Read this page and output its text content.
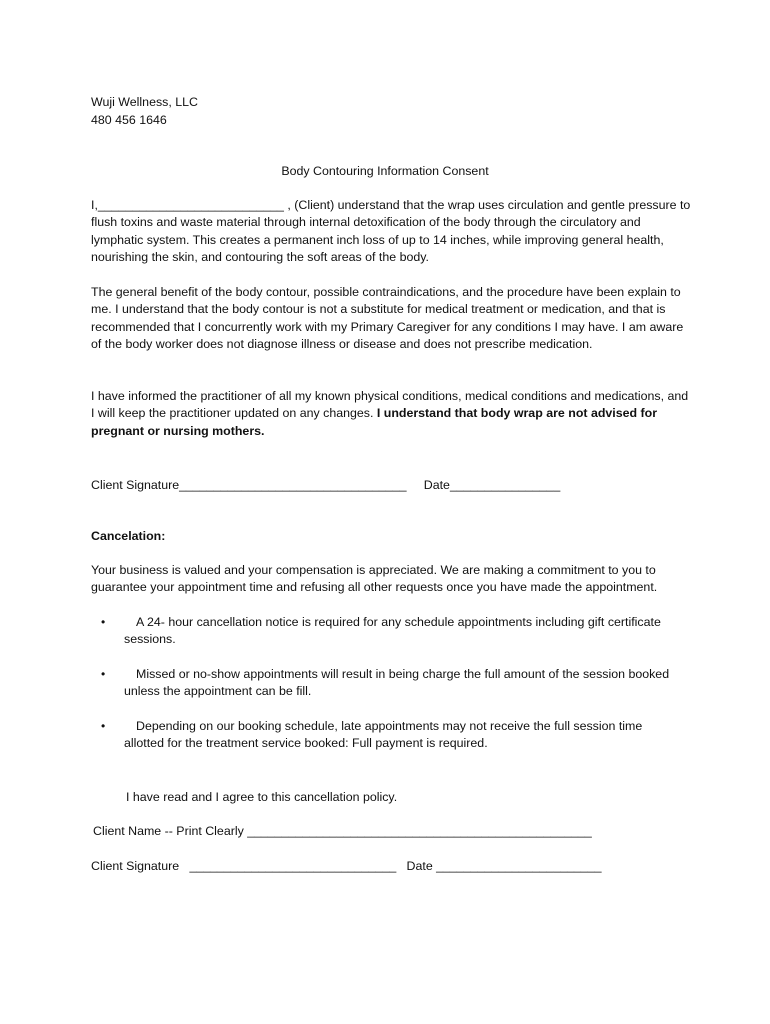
Wuji Wellness, LLC
480 456 1646
Body Contouring Information Consent

I,___________________________ , (Client) understand that the wrap uses circulation and gentle pressure to flush toxins and waste material through internal detoxification of the body through the circulatory and lymphatic system. This creates a permanent inch loss of up to 14 inches, while improving general health, nourishing the skin, and contouring the soft areas of the body.

The general benefit of the body contour, possible contraindications, and the procedure have been explain to me. I understand that the body contour is not a substitute for medical treatment or medication, and that is recommended that I concurrently work with my Primary Caregiver for any conditions I may have. I am aware of the body worker does not diagnose illness or disease and does not prescribe medication.

I have informed the practitioner of all my known physical conditions, medical conditions and medications, and I will keep the practitioner updated on any changes. I understand that body wrap are not advised for pregnant or nursing mothers.

Client Signature_________________________________     Date________________
Cancelation:

Your business is valued and your compensation is appreciated. We are making a commitment to you to guarantee your appointment time and refusing all other requests once you have made the appointment.

•	A 24- hour cancellation notice is required for any schedule appointments including gift certificate sessions.

•	Missed or no-show appointments will result in being charge the full amount of the session booked unless the appointment can be fill.

•	Depending on our booking schedule, late appointments may not receive the full session time allotted for the treatment service booked: Full payment is required.

I have read and I agree to this cancellation policy.
Client Name -- Print Clearly __________________________________________________
Client Signature   ______________________________   Date ________________________
